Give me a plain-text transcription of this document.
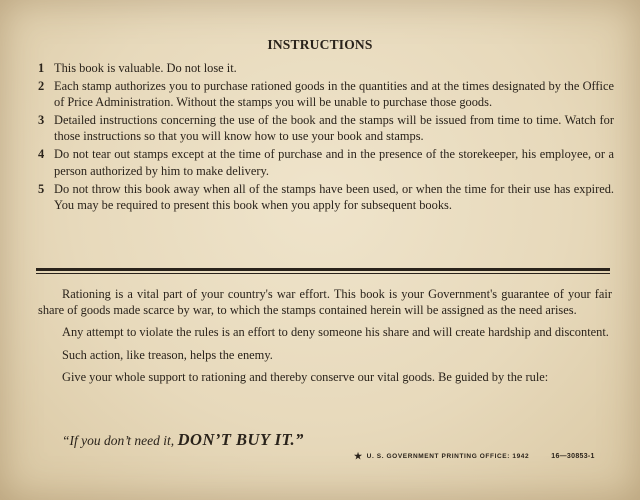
INSTRUCTIONS
1 This book is valuable. Do not lose it.
2 Each stamp authorizes you to purchase rationed goods in the quantities and at the times designated by the Office of Price Administration. Without the stamps you will be unable to purchase those goods.
3 Detailed instructions concerning the use of the book and the stamps will be issued from time to time. Watch for those instructions so that you will know how to use your book and stamps.
4 Do not tear out stamps except at the time of purchase and in the presence of the storekeeper, his employee, or a person authorized by him to make delivery.
5 Do not throw this book away when all of the stamps have been used, or when the time for their use has expired. You may be required to present this book when you apply for subsequent books.

Rationing is a vital part of your country's war effort. This book is your Government's guarantee of your fair share of goods made scarce by war, to which the stamps contained herein will be assigned as the need arises.

Any attempt to violate the rules is an effort to deny someone his share and will create hardship and discontent.

Such action, like treason, helps the enemy.

Give your whole support to rationing and thereby conserve our vital goods. Be guided by the rule:

“If you don’t need it, DON’T BUY IT.”
★ U. S. GOVERNMENT PRINTING OFFICE: 1942	16—30853-1
